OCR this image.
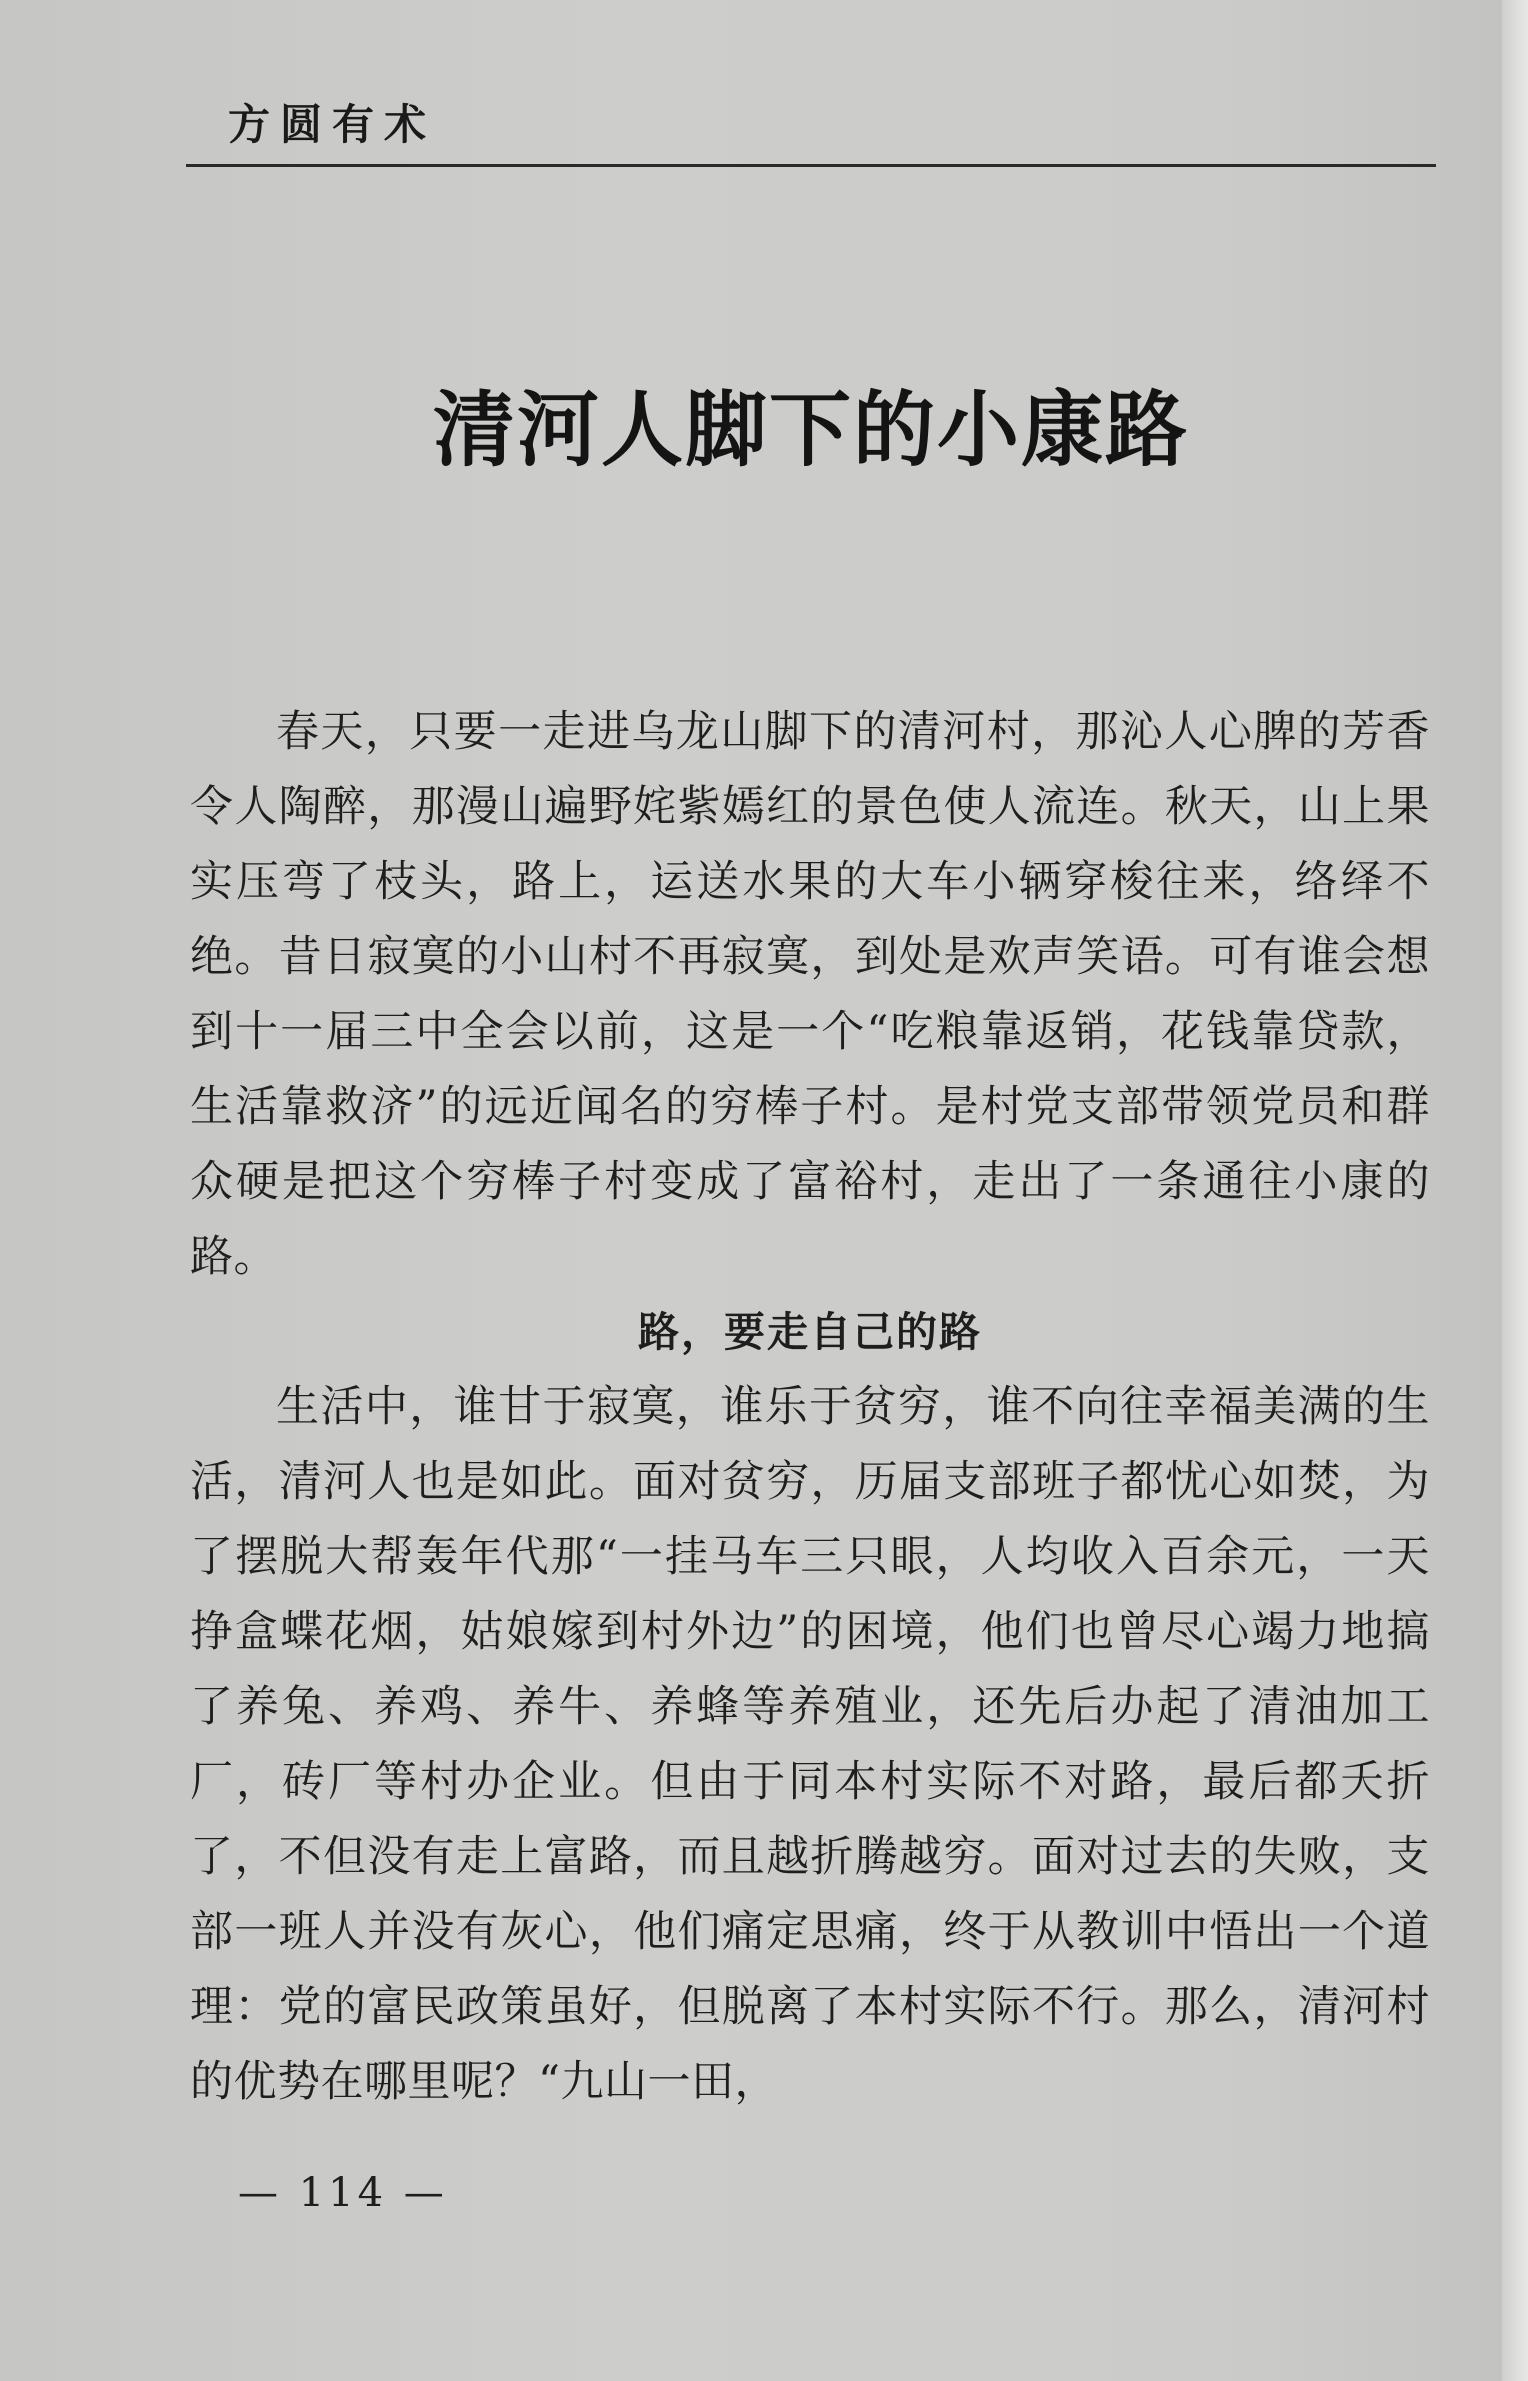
方圆有术
清河人脚下的小康路

春天，只要一走进乌龙山脚下的清河村，那沁人心脾的芳香令人陶醉，那漫山遍野姹紫嫣红的景色使人流连。秋天，山上果实压弯了枝头，路上，运送水果的大车小辆穿梭往来，络绎不绝。昔日寂寞的小山村不再寂寞，到处是欢声笑语。可有谁会想到十一届三中全会以前，这是一个“吃粮靠返销，花钱靠贷款，生活靠救济”的远近闻名的穷棒子村。是村党支部带领党员和群众硬是把这个穷棒子村变成了富裕村，走出了一条通往小康的路。

路，要走自己的路

生活中，谁甘于寂寞，谁乐于贫穷，谁不向往幸福美满的生活，清河人也是如此。面对贫穷，历届支部班子都忧心如焚，为了摆脱大帮轰年代那“一挂马车三只眼，人均收入百余元，一天挣盒蝶花烟，姑娘嫁到村外边”的困境，他们也曾尽心竭力地搞了养兔、养鸡、养牛、养蜂等养殖业，还先后办起了清油加工厂，砖厂等村办企业。但由于同本村实际不对路，最后都夭折了，不但没有走上富路，而且越折腾越穷。面对过去的失败，支部一班人并没有灰心，他们痛定思痛，终于从教训中悟出一个道理：党的富民政策虽好，但脱离了本村实际不行。那么，清河村的优势在哪里呢？“九山一田，

— 114 —
